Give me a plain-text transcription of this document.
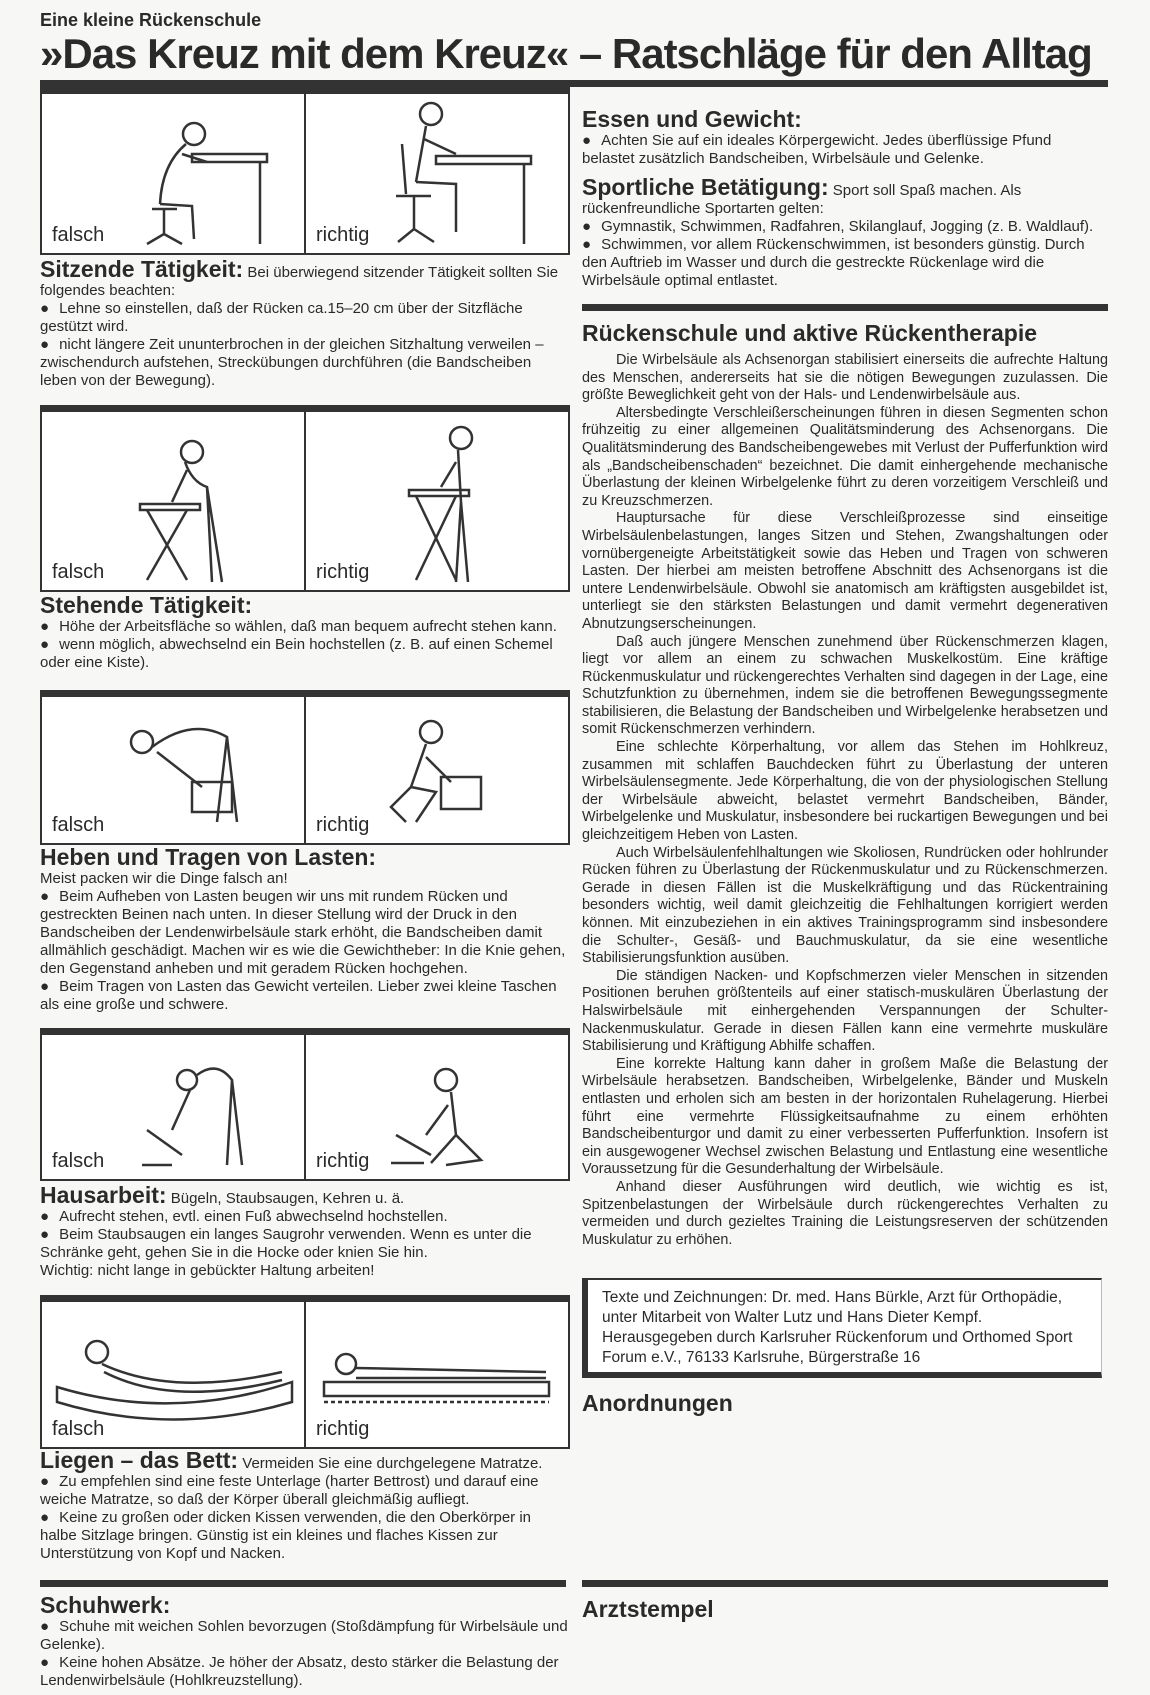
Eine kleine Rückenschule
»Das Kreuz mit dem Kreuz« – Ratschläge für den Alltag
falsch	richtig
Sitzende Tätigkeit: Bei überwiegend sitzender Tätigkeit sollten Sie folgendes beachten:
● Lehne so einstellen, daß der Rücken ca.15–20 cm über der Sitzfläche gestützt wird.
● nicht längere Zeit ununterbrochen in der gleichen Sitzhaltung verweilen – zwischendurch aufstehen, Streckübungen durchführen (die Bandscheiben leben von der Bewegung).
falsch	richtig
Stehende Tätigkeit:
● Höhe der Arbeitsfläche so wählen, daß man bequem aufrecht stehen kann.
● wenn möglich, abwechselnd ein Bein hochstellen (z. B. auf einen Schemel oder eine Kiste).
falsch	richtig
Heben und Tragen von Lasten:
Meist packen wir die Dinge falsch an!
● Beim Aufheben von Lasten beugen wir uns mit rundem Rücken und gestreckten Beinen nach unten. In dieser Stellung wird der Druck in den Bandscheiben der Lendenwirbelsäule stark erhöht, die Bandscheiben damit allmählich geschädigt. Machen wir es wie die Gewichtheber: In die Knie gehen, den Gegenstand anheben und mit geradem Rücken hochgehen.
● Beim Tragen von Lasten das Gewicht verteilen. Lieber zwei kleine Taschen als eine große und schwere.
falsch	richtig
Hausarbeit: Bügeln, Staubsaugen, Kehren u. ä.
● Aufrecht stehen, evtl. einen Fuß abwechselnd hochstellen.
● Beim Staubsaugen ein langes Saugrohr verwenden. Wenn es unter die Schränke geht, gehen Sie in die Hocke oder knien Sie hin.
Wichtig: nicht lange in gebückter Haltung arbeiten!
falsch	richtig
Liegen – das Bett: Vermeiden Sie eine durchgelegene Matratze.
● Zu empfehlen sind eine feste Unterlage (harter Bettrost) und darauf eine weiche Matratze, so daß der Körper überall gleichmäßig aufliegt.
● Keine zu großen oder dicken Kissen verwenden, die den Oberkörper in halbe Sitzlage bringen. Günstig ist ein kleines und flaches Kissen zur Unterstützung von Kopf und Nacken.
Schuhwerk:
● Schuhe mit weichen Sohlen bevorzugen (Stoßdämpfung für Wirbelsäule und Gelenke).
● Keine hohen Absätze. Je höher der Absatz, desto stärker die Belastung der Lendenwirbelsäule (Hohlkreuzstellung).
Essen und Gewicht:
● Achten Sie auf ein ideales Körpergewicht. Jedes überflüssige Pfund belastet zusätzlich Bandscheiben, Wirbelsäule und Gelenke.
Sportliche Betätigung: Sport soll Spaß machen. Als rückenfreundliche Sportarten gelten:
● Gymnastik, Schwimmen, Radfahren, Skilanglauf, Jogging (z. B. Waldlauf).
● Schwimmen, vor allem Rückenschwimmen, ist besonders günstig. Durch den Auftrieb im Wasser und durch die gestreckte Rückenlage wird die Wirbelsäule optimal entlastet.
Rückenschule und aktive Rückentherapie

Die Wirbelsäule als Achsenorgan stabilisiert einerseits die aufrechte Haltung des Menschen, andererseits hat sie die nötigen Bewegungen zuzulassen. Die größte Beweglichkeit geht von der Hals- und Lendenwirbelsäule aus.

Altersbedingte Verschleißerscheinungen führen in diesen Segmenten schon frühzeitig zu einer allgemeinen Qualitätsminderung des Achsenorgans. Die Qualitätsminderung des Bandscheibengewebes mit Verlust der Pufferfunktion wird als „Bandscheibenschaden“ bezeichnet. Die damit einhergehende mechanische Überlastung der kleinen Wirbelgelenke führt zu deren vorzeitigem Verschleiß und zu Kreuzschmerzen.

Hauptursache für diese Verschleißprozesse sind einseitige Wirbelsäulenbelastungen, langes Sitzen und Stehen, Zwangshaltungen oder vornübergeneigte Arbeitstätigkeit sowie das Heben und Tragen von schweren Lasten. Der hierbei am meisten betroffene Abschnitt des Achsenorgans ist die untere Lendenwirbelsäule. Obwohl sie anatomisch am kräftigsten ausgebildet ist, unterliegt sie den stärksten Belastungen und damit vermehrt degenerativen Abnutzungserscheinungen.

Daß auch jüngere Menschen zunehmend über Rückenschmerzen klagen, liegt vor allem an einem zu schwachen Muskelkostüm. Eine kräftige Rückenmuskulatur und rückengerechtes Verhalten sind dagegen in der Lage, eine Schutzfunktion zu übernehmen, indem sie die betroffenen Bewegungssegmente stabilisieren, die Belastung der Bandscheiben und Wirbelgelenke herabsetzen und somit Rückenschmerzen verhindern.

Eine schlechte Körperhaltung, vor allem das Stehen im Hohlkreuz, zusammen mit schlaffen Bauchdecken führt zu Überlastung der unteren Wirbelsäulensegmente. Jede Körperhaltung, die von der physiologischen Stellung der Wirbelsäule abweicht, belastet vermehrt Bandscheiben, Bänder, Wirbelgelenke und Muskulatur, insbesondere bei ruckartigen Bewegungen und bei gleichzeitigem Heben von Lasten.

Auch Wirbelsäulenfehlhaltungen wie Skoliosen, Rundrücken oder hohlrunder Rücken führen zu Überlastung der Rückenmuskulatur und zu Rückenschmerzen. Gerade in diesen Fällen ist die Muskelkräftigung und das Rückentraining besonders wichtig, weil damit gleichzeitig die Fehlhaltungen korrigiert werden können. Mit einzubeziehen in ein aktives Trainingsprogramm sind insbesondere die Schulter-, Gesäß- und Bauchmuskulatur, da sie eine wesentliche Stabilisierungsfunktion ausüben.

Die ständigen Nacken- und Kopfschmerzen vieler Menschen in sitzenden Positionen beruhen größtenteils auf einer statisch-muskulären Überlastung der Halswirbelsäule mit einhergehenden Verspannungen der Schulter-Nackenmuskulatur. Gerade in diesen Fällen kann eine vermehrte muskuläre Stabilisierung und Kräftigung Abhilfe schaffen.

Eine korrekte Haltung kann daher in großem Maße die Belastung der Wirbelsäule herabsetzen. Bandscheiben, Wirbelgelenke, Bänder und Muskeln entlasten und erholen sich am besten in der horizontalen Ruhelagerung. Hierbei führt eine vermehrte Flüssigkeitsaufnahme zu einem erhöhten Bandscheibenturgor und damit zu einer verbesserten Pufferfunktion. Insofern ist ein ausgewogener Wechsel zwischen Belastung und Entlastung eine wesentliche Voraussetzung für die Gesunderhaltung der Wirbelsäule.

Anhand dieser Ausführungen wird deutlich, wie wichtig es ist, Spitzenbelastungen der Wirbelsäule durch rückengerechtes Verhalten zu vermeiden und durch gezieltes Training die Leistungsreserven der schützenden Muskulatur zu erhöhen.

Texte und Zeichnungen: Dr. med. Hans Bürkle, Arzt für Orthopädie,
unter Mitarbeit von Walter Lutz und Hans Dieter Kempf.
Herausgegeben durch Karlsruher Rückenforum und Orthomed Sport
Forum e.V., 76133 Karlsruhe, Bürgerstraße 16
Anordnungen
Arztstempel
